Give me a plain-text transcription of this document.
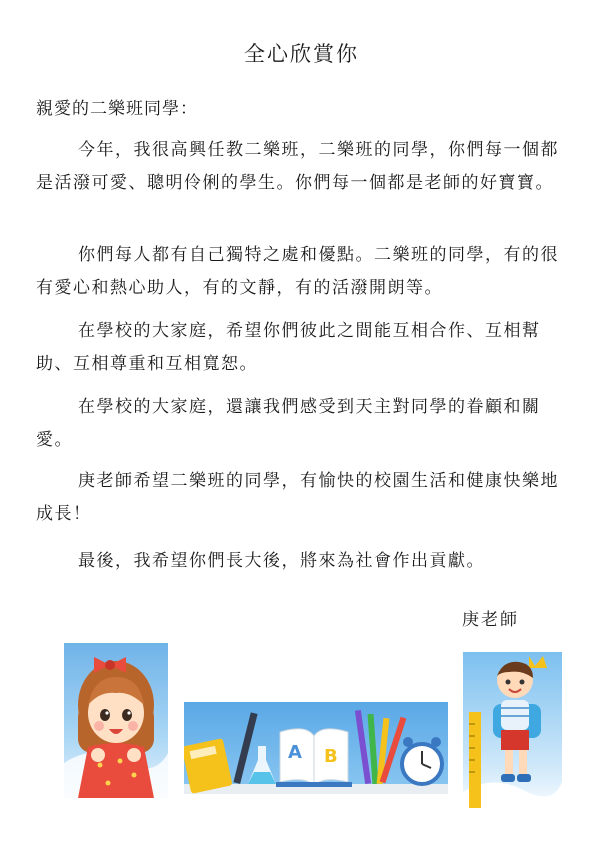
全心欣賞你
親愛的二樂班同學：

今年，我很高興任教二樂班，二樂班的同學，你們每一個都是活潑可愛、聰明伶俐的學生。你們每一個都是老師的好寶寶。

你們每人都有自己獨特之處和優點。二樂班的同學，有的很有愛心和熱心助人，有的文靜，有的活潑開朗等。

在學校的大家庭，希望你們彼此之間能互相合作、互相幫助、互相尊重和互相寬恕。

在學校的大家庭，還讓我們感受到天主對同學的眷顧和關愛。

庚老師希望二樂班的同學，有愉快的校園生活和健康快樂地成長！

最後，我希望你們長大後，將來為社會作出貢獻。

庚老師
A B
